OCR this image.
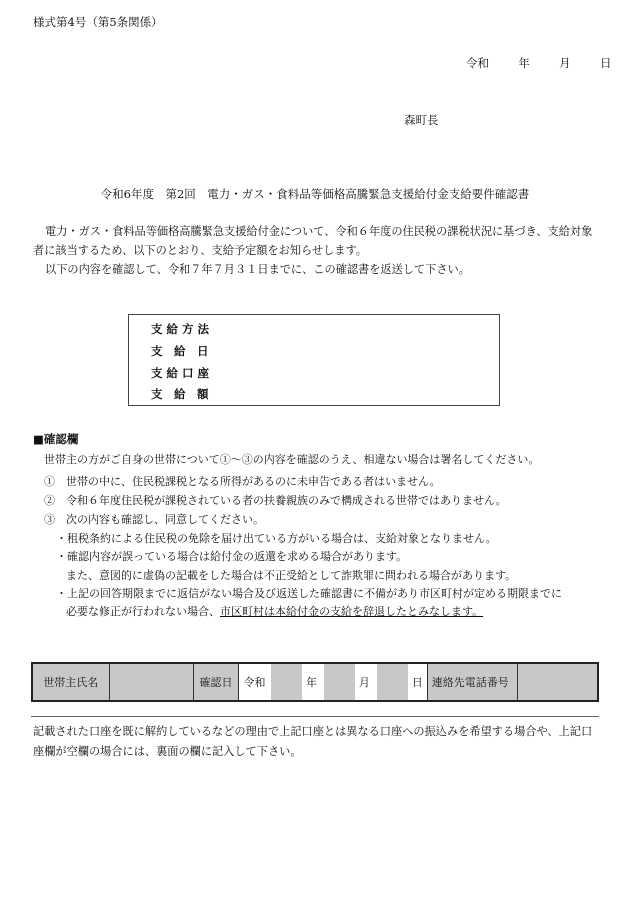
様式第4号（第5条関係）
令和	年	月	日
森町長
令和6年度　第2回　電力・ガス・食料品等価格高騰緊急支援給付金支給要件確認書
電力・ガス・食料品等価格高騰緊急支援給付金について、令和６年度の住民税の課税状況に基づき、支給対象者に該当するため、以下のとおり、支給予定額をお知らせします。
以下の内容を確認して、令和７年７月３１日までに、この確認書を返送して下さい。
支 給 方 法
支　給　日
支 給 口 座
支　給　額
■確認欄
世帯主の方がご自身の世帯について①～③の内容を確認のうえ、相違ない場合は署名してください。
①　世帯の中に、住民税課税となる所得があるのに未申告である者はいません。
②　令和６年度住民税が課税されている者の扶養親族のみで構成される世帯ではありません。
③　次の内容も確認し、同意してください。
・租税条約による住民税の免除を届け出ている方がいる場合は、支給対象となりません。
・確認内容が誤っている場合は給付金の返還を求める場合があります。
また、意図的に虚偽の記載をした場合は不正受給として詐欺罪に問われる場合があります。
・上記の回答期限までに返信がない場合及び返送した確認書に不備があり市区町村が定める期限までに
必要な修正が行われない場合、市区町村は本給付金の支給を辞退したとみなします。
世帯主氏名		確認日	令和		年		月		日	連絡先電話番号	
記載された口座を既に解約しているなどの理由で上記口座とは異なる口座への振込みを希望する場合や、上記口座欄が空欄の場合には、裏面の欄に記入して下さい。
